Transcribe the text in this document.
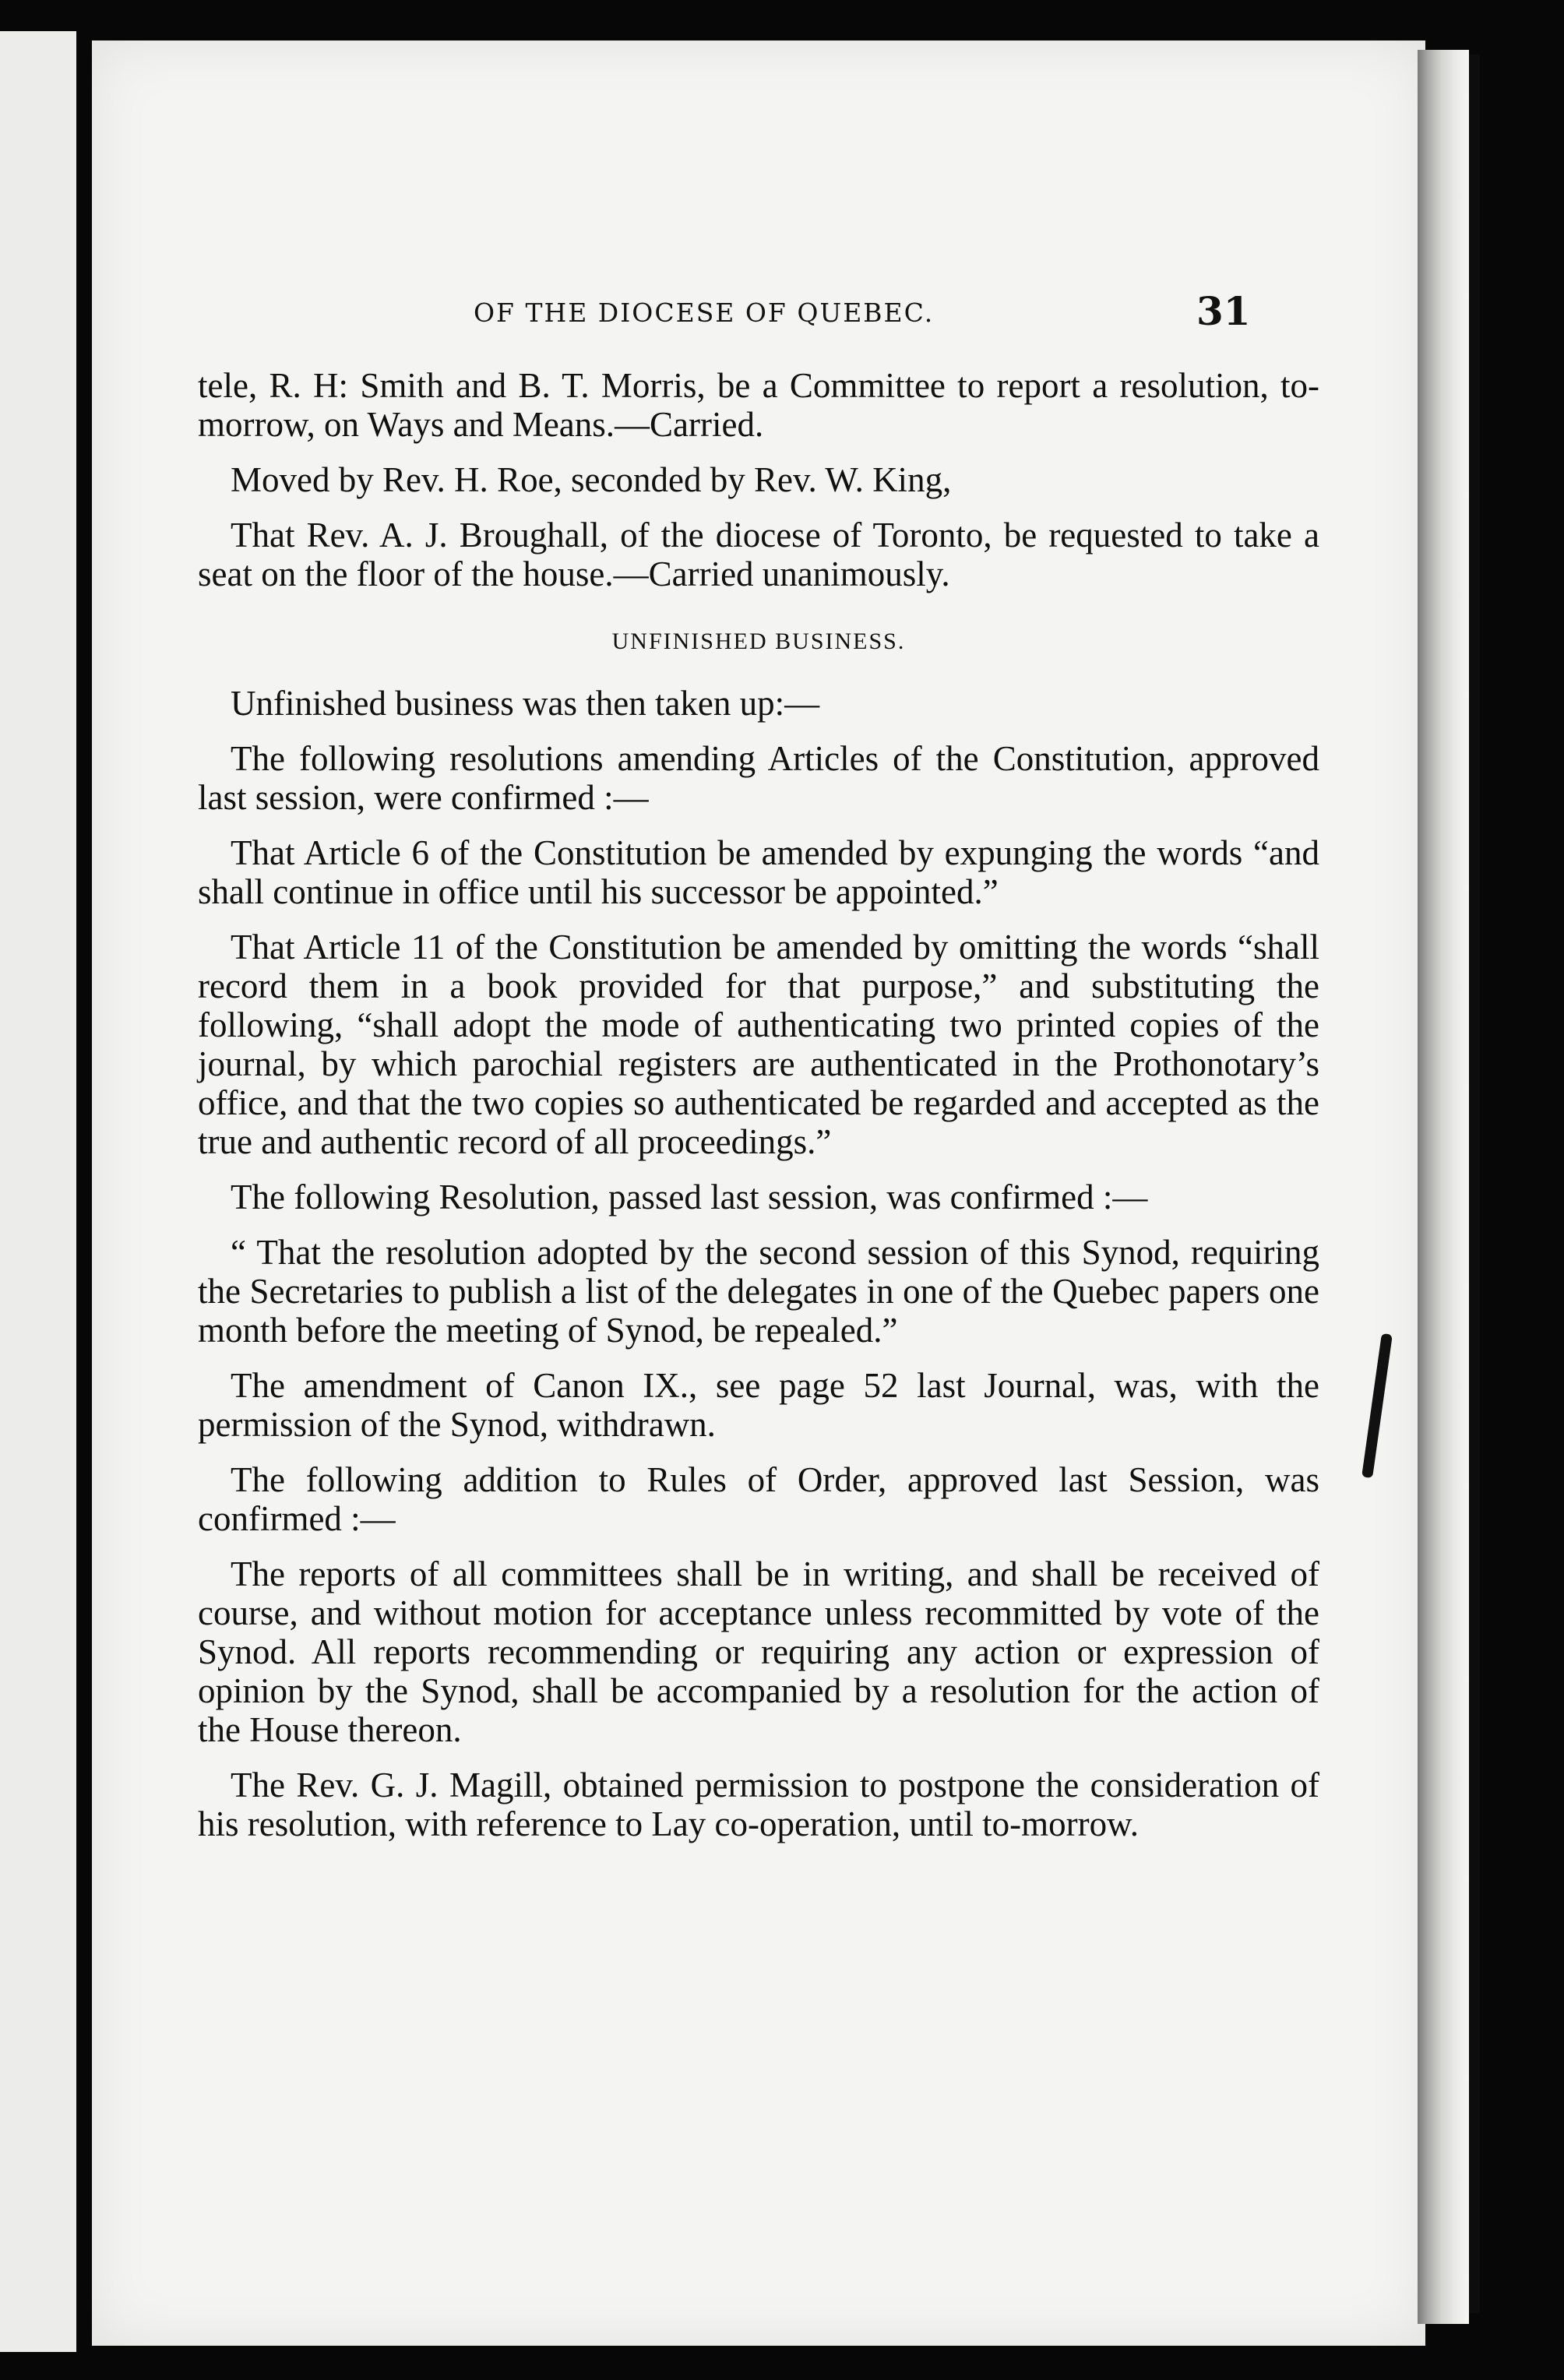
OF THE DIOCESE OF QUEBEC.	31

tele, R. H: Smith and B. T. Morris, be a Committee to report a resolution, to-morrow, on Ways and Means.—Carried.

Moved by Rev. H. Roe, seconded by Rev. W. King,

That Rev. A. J. Broughall, of the diocese of Toronto, be requested to take a seat on the floor of the house.—Carried unanimously.

UNFINISHED BUSINESS.

Unfinished business was then taken up:—

The following resolutions amending Articles of the Constitution, approved last session, were confirmed :—

That Article 6 of the Constitution be amended by expunging the words “and shall continue in office until his successor be appointed.”

That Article 11 of the Constitution be amended by omitting the words “shall record them in a book provided for that purpose,” and substituting the following, “shall adopt the mode of authenticating two printed copies of the journal, by which parochial registers are authenticated in the Prothonotary’s office, and that the two copies so authenticated be regarded and accepted as the true and authentic record of all proceedings.”

The following Resolution, passed last session, was confirmed :—

“ That the resolution adopted by the second session of this Synod, requiring the Secretaries to publish a list of the delegates in one of the Quebec papers one month before the meeting of Synod, be repealed.”

The amendment of Canon IX., see page 52 last Journal, was, with the permission of the Synod, withdrawn.

The following addition to Rules of Order, approved last Session, was confirmed :—

The reports of all committees shall be in writing, and shall be received of course, and without motion for acceptance unless recommitted by vote of the Synod. All reports recommending or requiring any action or expression of opinion by the Synod, shall be accompanied by a resolution for the action of the House thereon.

The Rev. G. J. Magill, obtained permission to postpone the consideration of his resolution, with reference to Lay co-operation, until to-morrow.
